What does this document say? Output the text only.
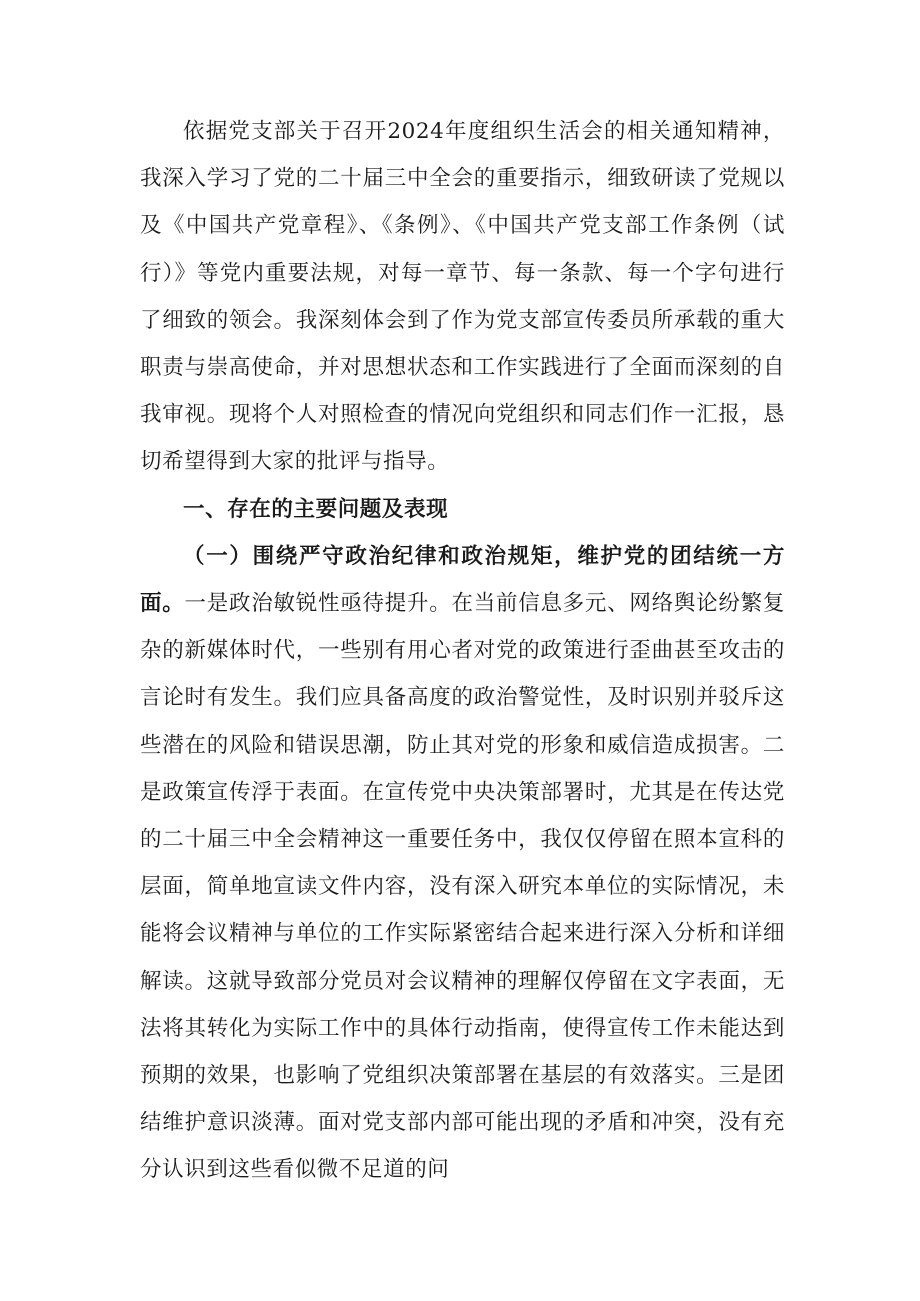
依据党支部关于召开2024年度组织生活会的相关通知精神，我深入学习了党的二十届三中全会的重要指示，细致研读了党规以及《中国共产党章程》、《条例》、《中国共产党支部工作条例（试行）》等党内重要法规，对每一章节、每一条款、每一个字句进行了细致的领会。我深刻体会到了作为党支部宣传委员所承载的重大职责与崇高使命，并对思想状态和工作实践进行了全面而深刻的自我审视。现将个人对照检查的情况向党组织和同志们作一汇报，恳切希望得到大家的批评与指导。

一、存在的主要问题及表现

（一）围绕严守政治纪律和政治规矩，维护党的团结统一方面。一是政治敏锐性亟待提升。在当前信息多元、网络舆论纷繁复杂的新媒体时代，一些别有用心者对党的政策进行歪曲甚至攻击的言论时有发生。我们应具备高度的政治警觉性，及时识别并驳斥这些潜在的风险和错误思潮，防止其对党的形象和威信造成损害。二是政策宣传浮于表面。在宣传党中央决策部署时，尤其是在传达党的二十届三中全会精神这一重要任务中，我仅仅停留在照本宣科的层面，简单地宣读文件内容，没有深入研究本单位的实际情况，未能将会议精神与单位的工作实际紧密结合起来进行深入分析和详细解读。这就导致部分党员对会议精神的理解仅停留在文字表面，无法将其转化为实际工作中的具体行动指南，使得宣传工作未能达到预期的效果，也影响了党组织决策部署在基层的有效落实。三是团结维护意识淡薄。面对党支部内部可能出现的矛盾和冲突，没有充分认识到这些看似微不足道的问
